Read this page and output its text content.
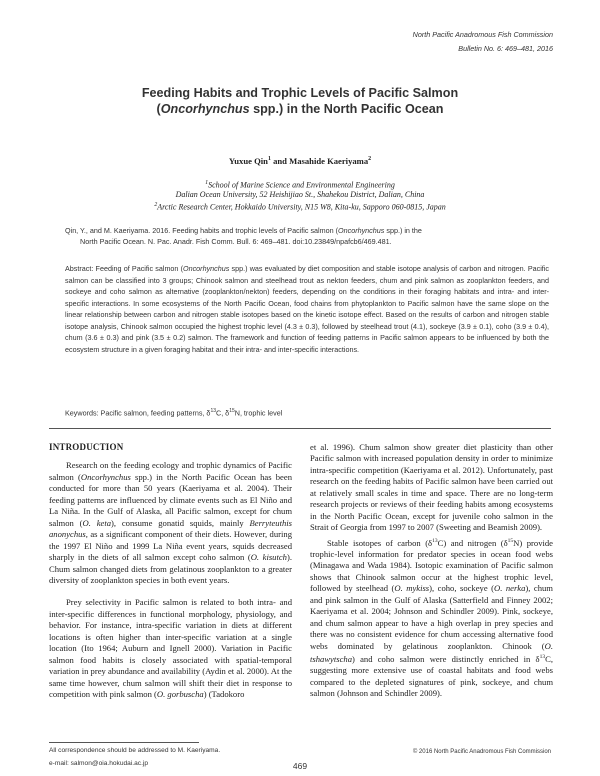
North Pacific Anadromous Fish Commission
Bulletin No. 6: 469–481, 2016
Feeding Habits and Trophic Levels of Pacific Salmon
(Oncorhynchus spp.) in the North Pacific Ocean
Yuxue Qin$^1$ and Masahide Kaeriyama$^2$
$^1$School of Marine Science and Environmental Engineering
Dalian Ocean University, 52 Heishijiao St., Shahekou District, Dalian, China
$^2$Arctic Research Center, Hokkaido University, N15 W8, Kita-ku, Sapporo 060-0815, Japan
Qin, Y., and M. Kaeriyama. 2016. Feeding habits and trophic levels of Pacific salmon (Oncorhynchus spp.) in the
North Pacific Ocean. N. Pac. Anadr. Fish Comm. Bull. 6: 469–481. doi:10.23849/npafcb6/469.481.
Abstract: Feeding of Pacific salmon (Oncorhynchus spp.) was evaluated by diet composition and stable isotope analysis of carbon and nitrogen. Pacific salmon can be classified into 3 groups; Chinook salmon and steelhead trout as nekton feeders, chum and pink salmon as zooplankton feeders, and sockeye and coho salmon as alternative (zooplankton/nekton) feeders, depending on the conditions in their foraging habitats and intra- and inter-specific interactions. In some ecosystems of the North Pacific Ocean, food chains from phytoplankton to Pacific salmon have the same slope on the linear relationship between carbon and nitrogen stable isotopes based on the kinetic isotope effect. Based on the results of carbon and nitrogen stable isotope analysis, Chinook salmon occupied the highest trophic level (4.3 ± 0.3), followed by steelhead trout (4.1), sockeye (3.9 ± 0.1), coho (3.9 ± 0.4), chum (3.6 ± 0.3) and pink (3.5 ± 0.2) salmon. The framework and function of feeding patterns in Pacific salmon appears to be influenced by both the ecosystem structure in a given foraging habitat and their intra- and inter-specific interactions.
Keywords: Pacific salmon, feeding patterns, $\delta^{13}C$, $\delta^{15}N$, trophic level
INTRODUCTION

Research on the feeding ecology and trophic dynamics of Pacific salmon (Oncorhynchus spp.) in the North Pacific Ocean has been conducted for more than 50 years (Kaeriyama et al. 2004). Their feeding patterns are influenced by climate events such as El Niño and La Niña. In the Gulf of Alaska, all Pacific salmon, except for chum salmon (O. keta), consume gonatid squids, mainly Berryteuthis anonychus, as a significant component of their diets. However, during the 1997 El Niño and 1999 La Niña event years, squids decreased sharply in the diets of all salmon except coho salmon (O. kisutch). Chum salmon changed diets from gelatinous zooplankton to a greater diversity of zooplankton species in both event years.

Prey selectivity in Pacific salmon is related to both intra- and inter-specific differences in functional morphology, physiology, and behavior. For instance, intra-specific variation in diets at different locations is often higher than inter-specific variation at a single location (Ito 1964; Auburn and Ignell 2000). Variation in Pacific salmon food habits is closely associated with spatial-temporal variation in prey abundance and availability (Aydin et al. 2000). At the same time however, chum salmon will shift their diet in response to competition with pink salmon (O. gorbuscha) (Tadokoro

et al. 1996). Chum salmon show greater diet plasticity than other Pacific salmon with increased population density in order to minimize intra-specific competition (Kaeriyama et al. 2012). Unfortunately, past research on the feeding habits of Pacific salmon have been carried out at relatively small scales in time and space. There are no long-term research projects or reviews of their feeding habits among ecosystems in the North Pacific Ocean, except for juvenile coho salmon in the Strait of Georgia from 1997 to 2007 (Sweeting and Beamish 2009).

Stable isotopes of carbon $(\delta^{13}C)$ and nitrogen $(\delta^{15}N)$ provide trophic-level information for predator species in ocean food webs (Minagawa and Wada 1984). Isotopic examination of Pacific salmon shows that Chinook salmon occur at the highest trophic level, followed by steelhead (O. mykiss), coho, sockeye (O. nerka), chum and pink salmon in the Gulf of Alaska (Satterfield and Finney 2002; Kaeriyama et al. 2004; Johnson and Schindler 2009). Pink, sockeye, and chum salmon appear to have a high overlap in prey species and there was no consistent evidence for chum accessing alternative food webs dominated by gelatinous zooplankton. Chinook (O. tshawytscha) and coho salmon were distinctly enriched in $\delta^{13}C$, suggesting more extensive use of coastal habitats and food webs compared to the depleted signatures of pink, sockeye, and chum salmon (Johnson and Schindler 2009).

All correspondence should be addressed to M. Kaeriyama.
e-mail: salmon@oia.hokudai.ac.jp	469
© 2016 North Pacific Anadromous Fish Commission
